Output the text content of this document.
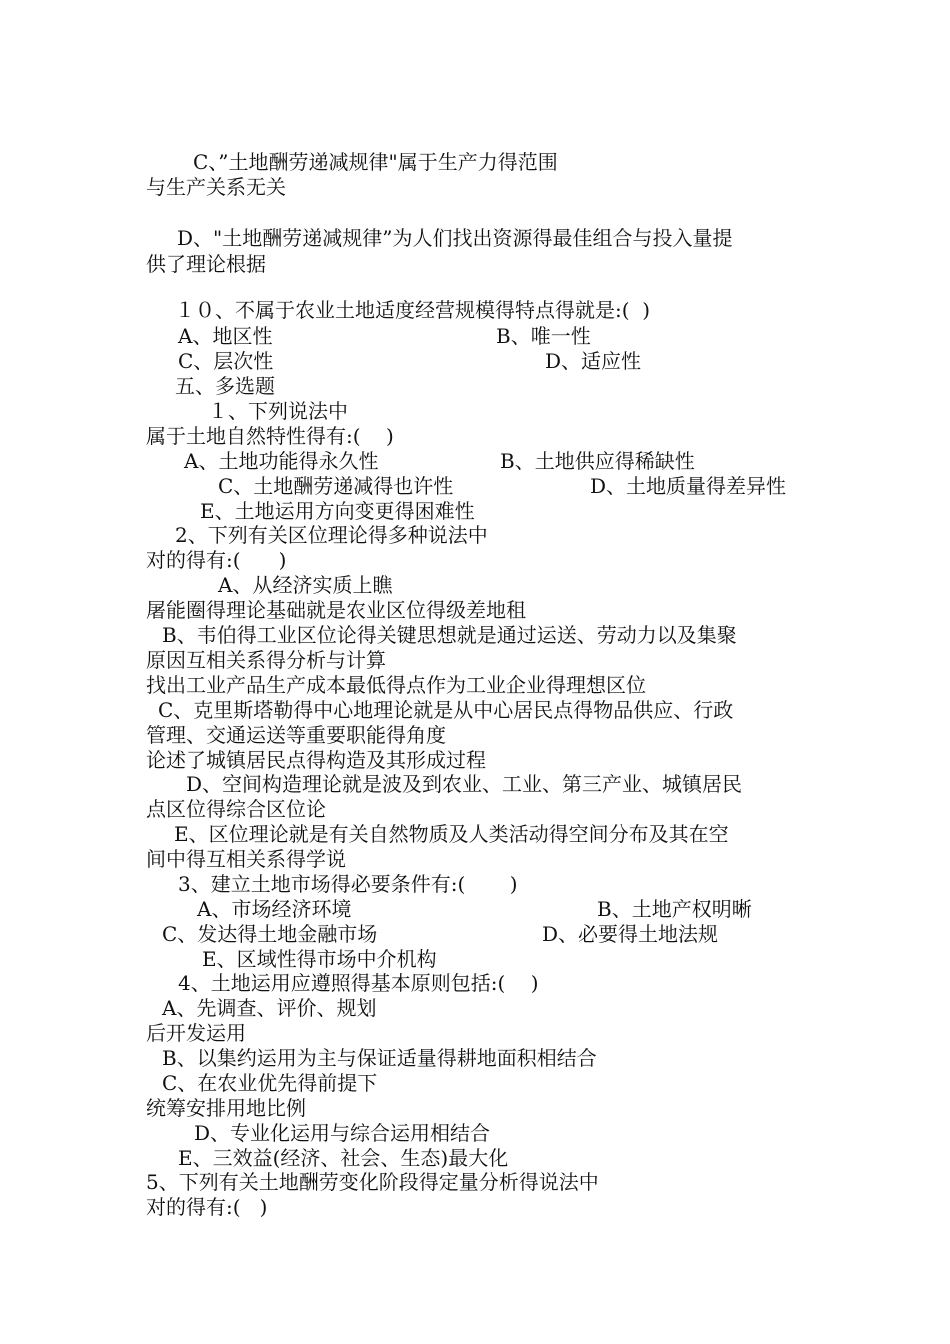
C、”土地酬劳递减规律"属于生产力得范围
与生产关系无关
D、"土地酬劳递减规律”为人们找出资源得最佳组合与投入量提
供了理论根据
１０、不属于农业土地适度经营规模得特点得就是:(  )
A、地区性	B、唯一性
C、层次性	D、适应性
五、多选题
１、下列说法中
属于土地自然特性得有:(    )
A、土地功能得永久性	B、土地供应得稀缺性
C、土地酬劳递减得也许性	D、土地质量得差异性
E、土地运用方向变更得困难性
2、下列有关区位理论得多种说法中
对的得有:(      )
A、从经济实质上瞧
屠能圈得理论基础就是农业区位得级差地租
B、韦伯得工业区位论得关键思想就是通过运送、劳动力以及集聚
原因互相关系得分析与计算
找出工业产品生产成本最低得点作为工业企业得理想区位
C、克里斯塔勒得中心地理论就是从中心居民点得物品供应、行政
管理、交通运送等重要职能得角度
论述了城镇居民点得构造及其形成过程
D、空间构造理论就是波及到农业、工业、第三产业、城镇居民
点区位得综合区位论
E、区位理论就是有关自然物质及人类活动得空间分布及其在空
间中得互相关系得学说
3、建立土地市场得必要条件有:(       )
A、市场经济环境	B、土地产权明晰
C、发达得土地金融市场	D、必要得土地法规
E、区域性得市场中介机构
4、土地运用应遵照得基本原则包括:(    )
A、先调查、评价、规划
后开发运用
B、以集约运用为主与保证适量得耕地面积相结合
C、在农业优先得前提下
统筹安排用地比例
D、专业化运用与综合运用相结合
E、三效益(经济、社会、生态)最大化
5、下列有关土地酬劳变化阶段得定量分析得说法中
对的得有:(   )
